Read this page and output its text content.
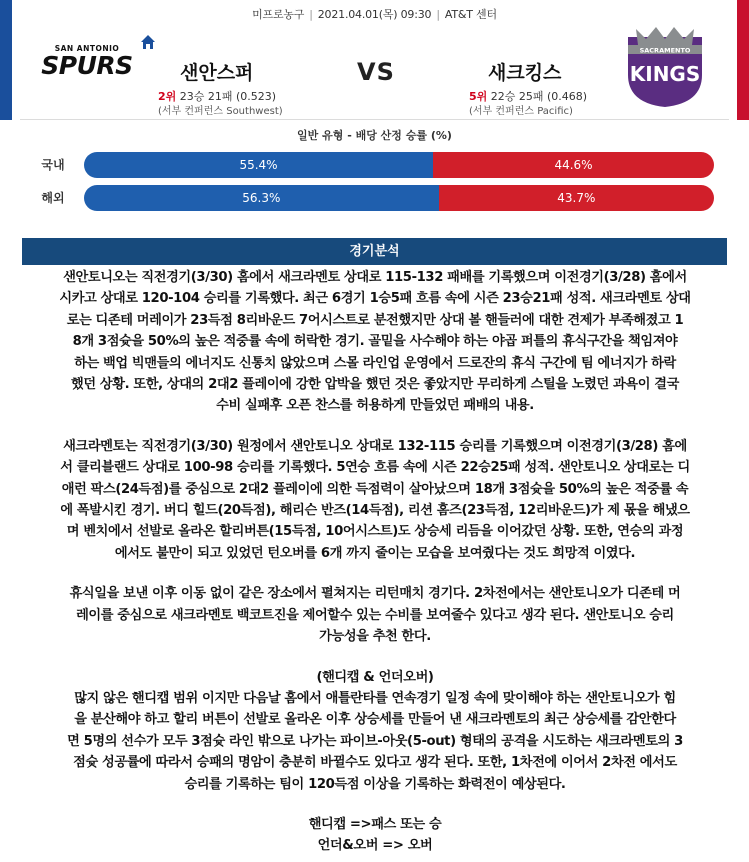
미프로농구 | 2021.04.01(목) 09:30 | AT&T 센터
SAN ANTONIO
SPURS
SACRAMENTO
KINGS
샌안스퍼	VS	새크킹스
2위 23승 21패 (0.523)
(서부 컨퍼런스 Southwest)
5위 22승 25패 (0.468)
(서부 컨퍼런스 Pacific)
일반 유형 - 배당 산정 승률 (%)
국내	55.4%	44.6%
해외	56.3%	43.7%
경기분석

샌안토니오는 직전경기(3/30) 홈에서 새크라멘토 상대로 115-132 패배를 기록했으며 이전경기(3/28) 홈에서
시카고 상대로 120-104 승리를 기록했다. 최근 6경기 1승5패 흐름 속에 시즌 23승21패 성적. 새크라멘토 상대
로는 디존테 머레이가 23득점 8리바운드 7어시스트로 분전했지만 상대 볼 핸들러에 대한 견제가 부족해졌고 1
8개 3점슛을 50%의 높은 적중률 속에 허락한 경기. 골밑을 사수해야 하는 야곱 퍼틀의 휴식구간을 책임져야
하는 백업 빅맨들의 에너지도 신통치 않았으며 스몰 라인업 운영에서 드로잔의 휴식 구간에 팀 에너지가 하락
했던 상황. 또한, 상대의 2대2 플레이에 강한 압박을 했던 것은 좋았지만 무리하게 스틸을 노렸던 과욕이 결국
수비 실패후 오픈 찬스를 허용하게 만들었던 패배의 내용.

새크라멘토는 직전경기(3/30) 원정에서 샌안토니오 상대로 132-115 승리를 기록했으며 이전경기(3/28) 홈에
서 클리블랜드 상대로 100-98 승리를 기록했다. 5연승 흐름 속에 시즌 22승25패 성적. 샌안토니오 상대로는 디
애런 팍스(24득점)를 중심으로 2대2 플레이에 의한 득점력이 살아났으며 18개 3점슛을 50%의 높은 적중률 속
에 폭발시킨 경기. 버디 힐드(20득점), 해리슨 반즈(14득점), 리션 홈즈(23득점, 12리바운드)가 제 몫을 해냈으
며 벤치에서 선발로 올라온 할리버튼(15득점, 10어시스트)도 상승세 리듬을 이어갔던 상황. 또한, 연승의 과정
에서도 불만이 되고 있었던 턴오버를 6개 까지 줄이는 모습을 보여줬다는 것도 희망적 이였다.

휴식일을 보낸 이후 이동 없이 같은 장소에서 펼쳐지는 리턴매치 경기다. 2차전에서는 샌안토니오가 디존테 머
레이를 중심으로 새크라멘토 백코트진을 제어할수 있는 수비를 보여줄수 있다고 생각 된다. 샌안토니오 승리
가능성을 추천 한다.

(핸디캡 & 언더오버)

많지 않은 핸디캡 범위 이지만 다음날 홈에서 애틀란타를 연속경기 일정 속에 맞이해야 하는 샌안토니오가 힘
을 분산해야 하고 할리 버튼이 선발로 올라온 이후 상승세를 만들어 낸 새크라멘토의 최근 상승세를 감안한다
면 5명의 선수가 모두 3점슛 라인 밖으로 나가는 파이브-아웃(5-out) 형태의 공격을 시도하는 새크라멘토의 3
점슛 성공률에 따라서 승패의 명암이 충분히 바뀔수도 있다고 생각 된다. 또한, 1차전에 이어서 2차전 에서도
승리를 기록하는 팀이 120득점 이상을 기록하는 화력전이 예상된다.

핸디캡 =>패스 또는 승
언더&오버 => 오버
